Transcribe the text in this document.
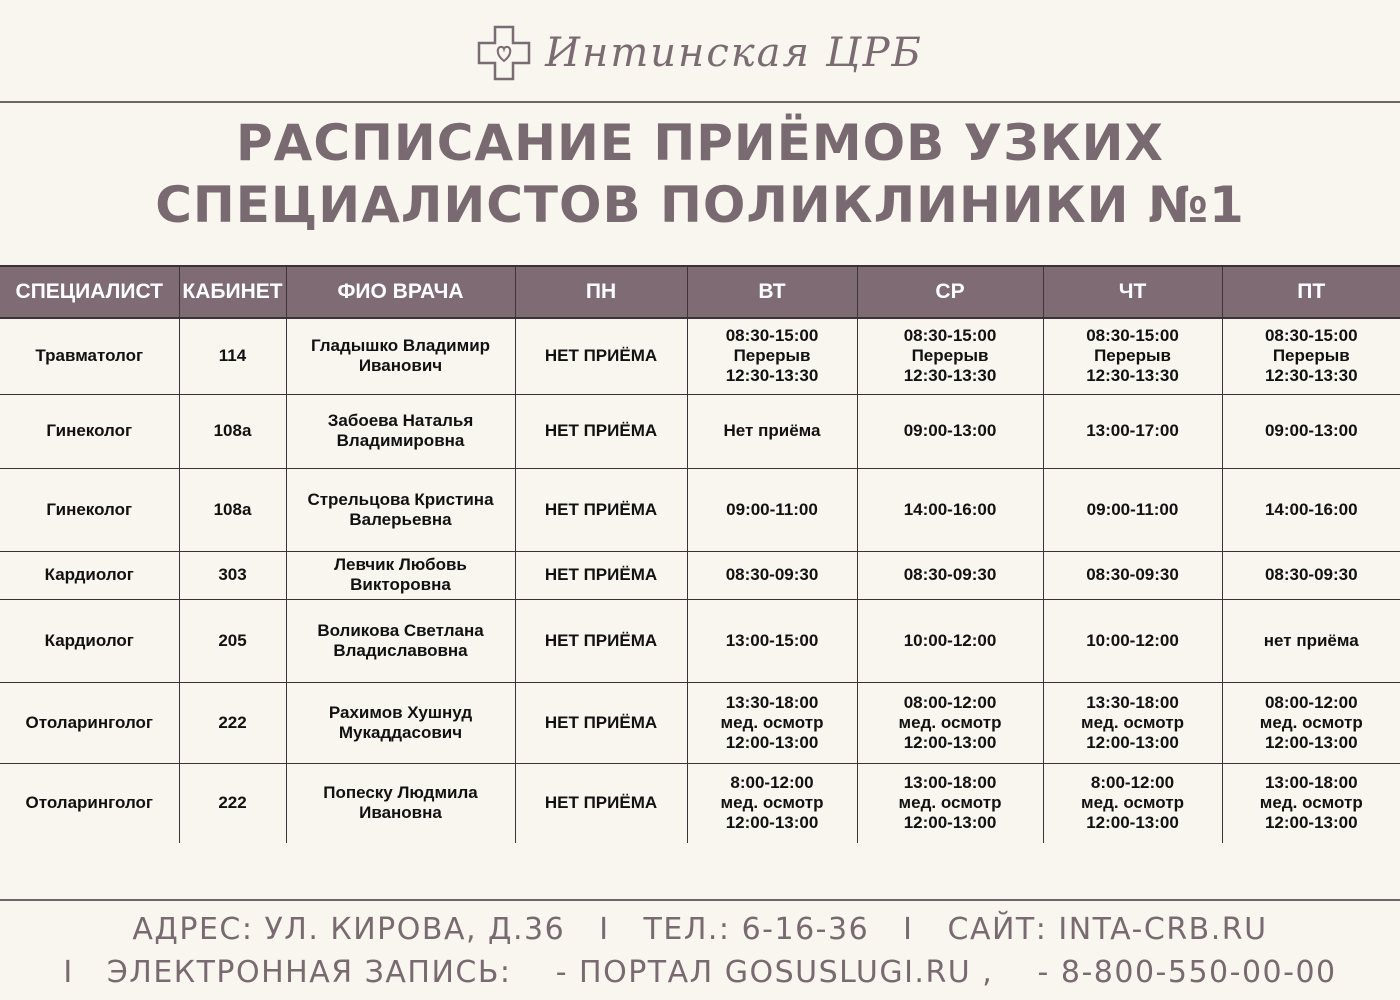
Интинская ЦРБ
РАСПИСАНИЕ ПРИЁМОВ УЗКИХ
СПЕЦИАЛИСТОВ ПОЛИКЛИНИКИ №1
СПЕЦИАЛИСТ	КАБИНЕТ	ФИО ВРАЧА	ПН	ВТ	СР	ЧТ	ПТ
Травматолог	114	Гладышко Владимир
Иванович	НЕТ ПРИЁМА	08:30-15:00
Перерыв
12:30-13:30	08:30-15:00
Перерыв
12:30-13:30	08:30-15:00
Перерыв
12:30-13:30	08:30-15:00
Перерыв
12:30-13:30

Гинеколог	108а	Забоева Наталья
Владимировна	НЕТ ПРИЁМА	Нет приёма	09:00-13:00	13:00-17:00	09:00-13:00

Гинеколог	108а	Стрельцова Кристина
Валерьевна	НЕТ ПРИЁМА	09:00-11:00	14:00-16:00	09:00-11:00	14:00-16:00

Кардиолог	303	Левчик Любовь
Викторовна	НЕТ ПРИЁМА	08:30-09:30	08:30-09:30	08:30-09:30	08:30-09:30

Кардиолог	205	Воликова Светлана
Владиславовна	НЕТ ПРИЁМА	13:00-15:00	10:00-12:00	10:00-12:00	нет приёма

Отоларинголог	222	Рахимов Хушнуд
Мукаддасович	НЕТ ПРИЁМА	13:30-18:00
мед. осмотр
12:00-13:00	08:00-12:00
мед. осмотр
12:00-13:00	13:30-18:00
мед. осмотр
12:00-13:00	08:00-12:00
мед. осмотр
12:00-13:00

Отоларинголог	222	Попеску Людмила
Ивановна	НЕТ ПРИЁМА	8:00-12:00
мед. осмотр
12:00-13:00	13:00-18:00
мед. осмотр
12:00-13:00	8:00-12:00
мед. осмотр
12:00-13:00	13:00-18:00
мед. осмотр
12:00-13:00
АДРЕС: УЛ. КИРОВА, Д.36 I ТЕЛ.: 6-16-36 I САЙТ: INTA-CRB.RU
I ЭЛЕКТРОННАЯ ЗАПИСЬ: - ПОРТАЛ GOSUSLUGI.RU , - 8-800-550-00-00
